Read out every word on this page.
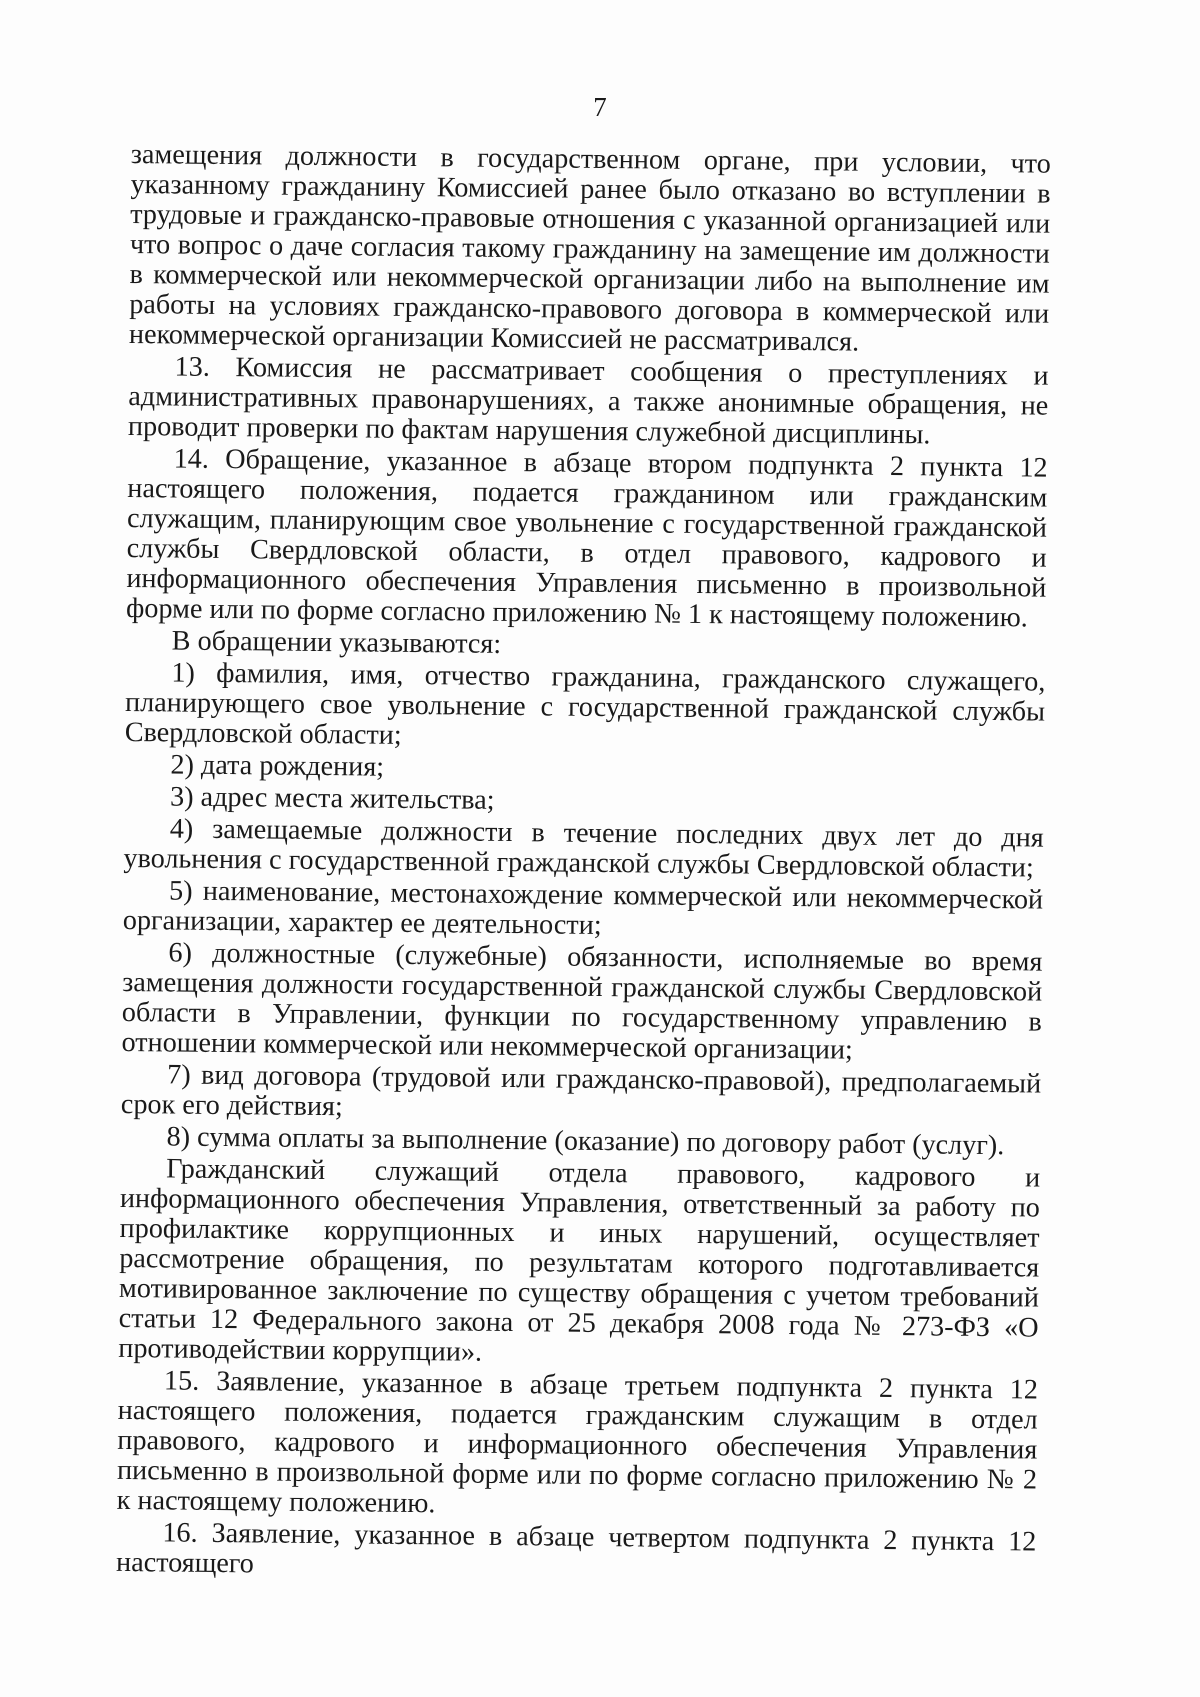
7

замещения должности в государственном органе, при условии, что указанному гражданину Комиссией ранее было отказано во вступлении в трудовые и гражданско-правовые отношения с указанной организацией или что вопрос о даче согласия такому гражданину на замещение им должности в коммерческой или некоммерческой организации либо на выполнение им работы на условиях гражданско-правового договора в коммерческой или некоммерческой организации Комиссией не рассматривался.

13. Комиссия не рассматривает сообщения о преступлениях и административных правонарушениях, а также анонимные обращения, не проводит проверки по фактам нарушения служебной дисциплины.

14. Обращение, указанное в абзаце втором подпункта 2 пункта 12 настоящего положения, подается гражданином или гражданским служащим, планирующим свое увольнение с государственной гражданской службы Свердловской области, в отдел правового, кадрового и информационного обеспечения Управления письменно в произвольной форме или по форме согласно приложению № 1 к настоящему положению.

В обращении указываются:

1) фамилия, имя, отчество гражданина, гражданского служащего, планирующего свое увольнение с государственной гражданской службы Свердловской области;

2) дата рождения;

3) адрес места жительства;

4) замещаемые должности в течение последних двух лет до дня увольнения с государственной гражданской службы Свердловской области;

5) наименование, местонахождение коммерческой или некоммерческой организации, характер ее деятельности;

6) должностные (служебные) обязанности, исполняемые во время замещения должности государственной гражданской службы Свердловской области в Управлении, функции по государственному управлению в отношении коммерческой или некоммерческой организации;

7) вид договора (трудовой или гражданско-правовой), предполагаемый срок его действия;

8) сумма оплаты за выполнение (оказание) по договору работ (услуг).

Гражданский служащий отдела правового, кадрового и информационного обеспечения Управления, ответственный за работу по профилактике коррупционных и иных нарушений, осуществляет рассмотрение обращения, по результатам которого подготавливается мотивированное заключение по существу обращения с учетом требований статьи 12 Федерального закона от 25 декабря 2008 года № 273-ФЗ «О противодействии коррупции».

15. Заявление, указанное в абзаце третьем подпункта 2 пункта 12 настоящего положения, подается гражданским служащим в отдел правового, кадрового и информационного обеспечения Управления письменно в произвольной форме или по форме согласно приложению № 2 к настоящему положению.

16. Заявление, указанное в абзаце четвертом подпункта 2 пункта 12 настоящего
